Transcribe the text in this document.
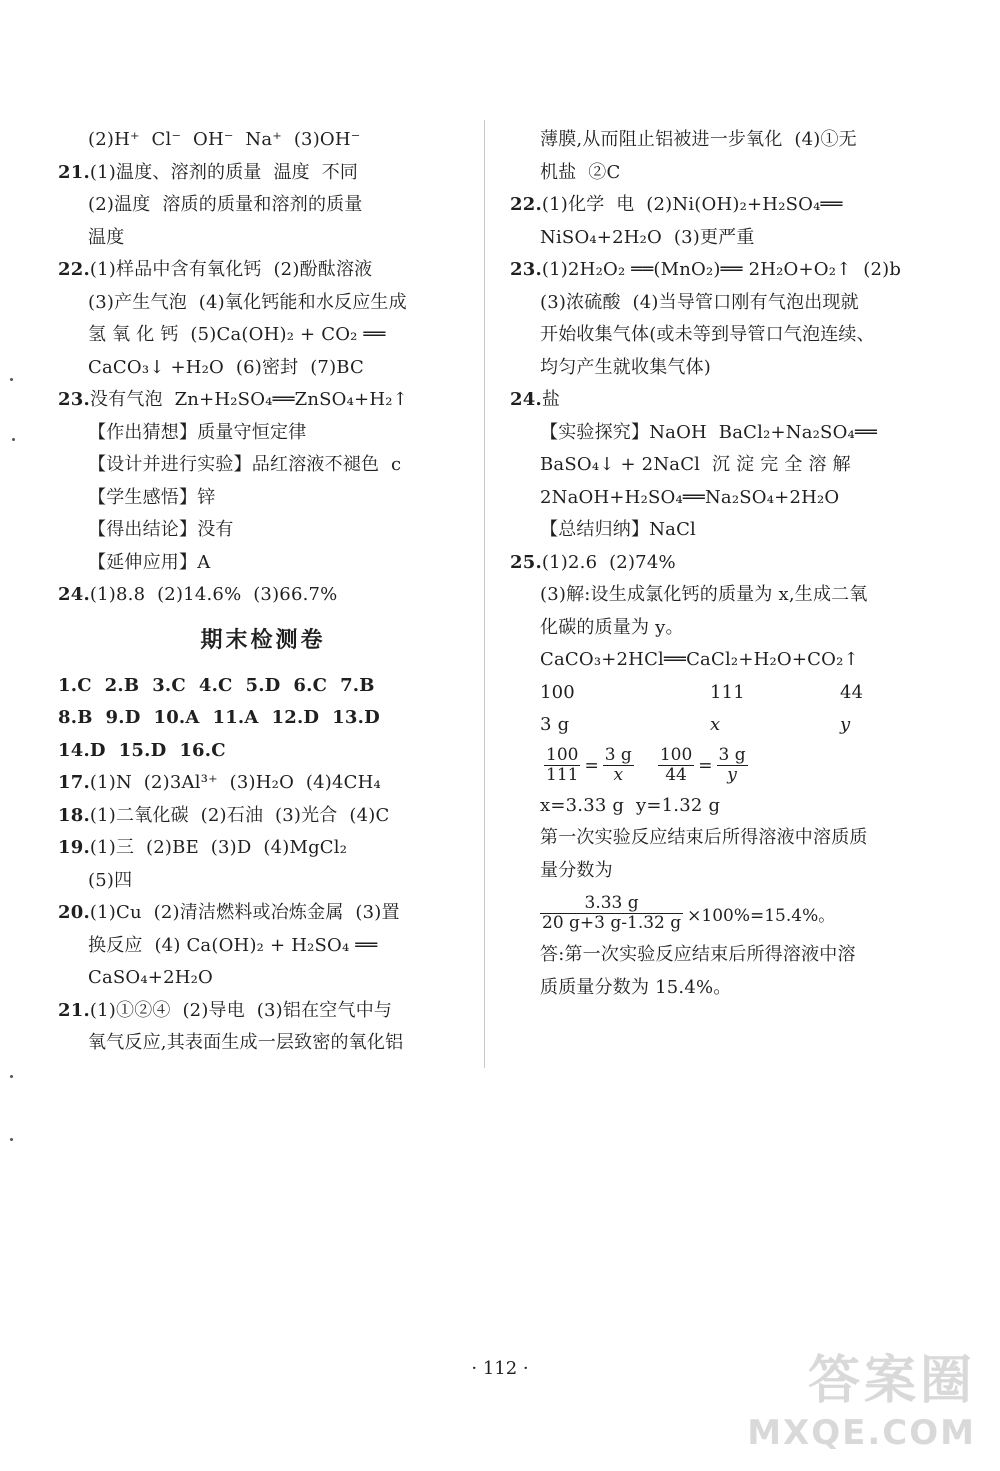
(2)H⁺  Cl⁻  OH⁻  Na⁺  (3)OH⁻
21.(1)温度、溶剂的质量  温度  不同
(2)温度  溶质的质量和溶剂的质量
温度
22.(1)样品中含有氧化钙  (2)酚酞溶液
(3)产生气泡  (4)氧化钙能和水反应生成
氢 氧 化 钙  (5)Ca(OH)₂ + CO₂ ══
CaCO₃↓ +H₂O  (6)密封  (7)BC
23.没有气泡  Zn+H₂SO₄══ZnSO₄+H₂↑
【作出猜想】质量守恒定律
【设计并进行实验】品红溶液不褪色  c
【学生感悟】锌
【得出结论】没有
【延伸应用】A
24.(1)8.8  (2)14.6%  (3)66.7%
期末检测卷
1.C  2.B  3.C  4.C  5.D  6.C  7.B
8.B  9.D  10.A  11.A  12.D  13.D
14.D  15.D  16.C
17.(1)N  (2)3Al³⁺  (3)H₂O  (4)4CH₄
18.(1)二氧化碳  (2)石油  (3)光合  (4)C
19.(1)三  (2)BE  (3)D  (4)MgCl₂
(5)四
20.(1)Cu  (2)清洁燃料或冶炼金属  (3)置
换反应  (4) Ca(OH)₂ + H₂SO₄ ══
CaSO₄+2H₂O
21.(1)①②④  (2)导电  (3)铝在空气中与
氧气反应,其表面生成一层致密的氧化铝
薄膜,从而阻止铝被进一步氧化  (4)①无
机盐  ②C
22.(1)化学  电  (2)Ni(OH)₂+H₂SO₄══
NiSO₄+2H₂O  (3)更严重
23.(1)2H₂O₂ ══(MnO₂)══ 2H₂O+O₂↑  (2)b
(3)浓硫酸  (4)当导管口刚有气泡出现就
开始收集气体(或未等到导管口气泡连续、
均匀产生就收集气体)
24.盐
【实验探究】NaOH  BaCl₂+Na₂SO₄══
BaSO₄↓ + 2NaCl  沉 淀 完 全 溶 解
2NaOH+H₂SO₄══Na₂SO₄+2H₂O
【总结归纳】NaCl
25.(1)2.6  (2)74%
(3)解:设生成氯化钙的质量为 x,生成二氧
化碳的质量为 y。
CaCO₃+2HCl══CaCl₂+H₂O+CO₂↑
100	111	44
3 g	x	y
$\frac{100}{111} = \frac{3 g}{x} \frac{100}{44} = \frac{3 g}{y}$
x=3.33 g  y=1.32 g
第一次实验反应结束后所得溶液中溶质质
量分数为
$\frac{3.33 g}{20 g+3 g-1.32 g} \times 100\%=15.4\%$。
答:第一次实验反应结束后所得溶液中溶
质质量分数为 15.4%。
· 112 ·	答案圈
MXQE.COM
